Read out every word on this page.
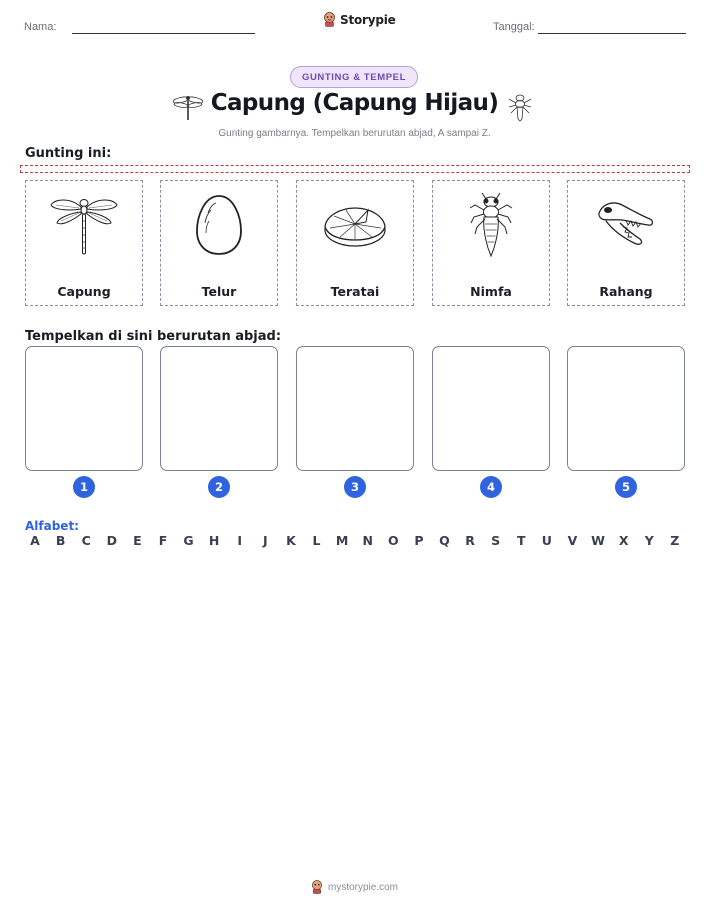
Nama:
Storypie
Tanggal:
GUNTING & TEMPEL
Capung (Capung Hijau)
Gunting gambarnya. Tempelkan berurutan abjad, A sampai Z.
Gunting ini:
Capung	Telur	Teratai	Nimfa	Rahang
Tempelkan di sini berurutan abjad:
1	2	3	4	5
Alfabet:
A	B	C	D	E	F	G	H	I	J	K	L	M	N	O	P	Q	R	S	T	U	V	W	X	Y	Z
mystorypie.com
